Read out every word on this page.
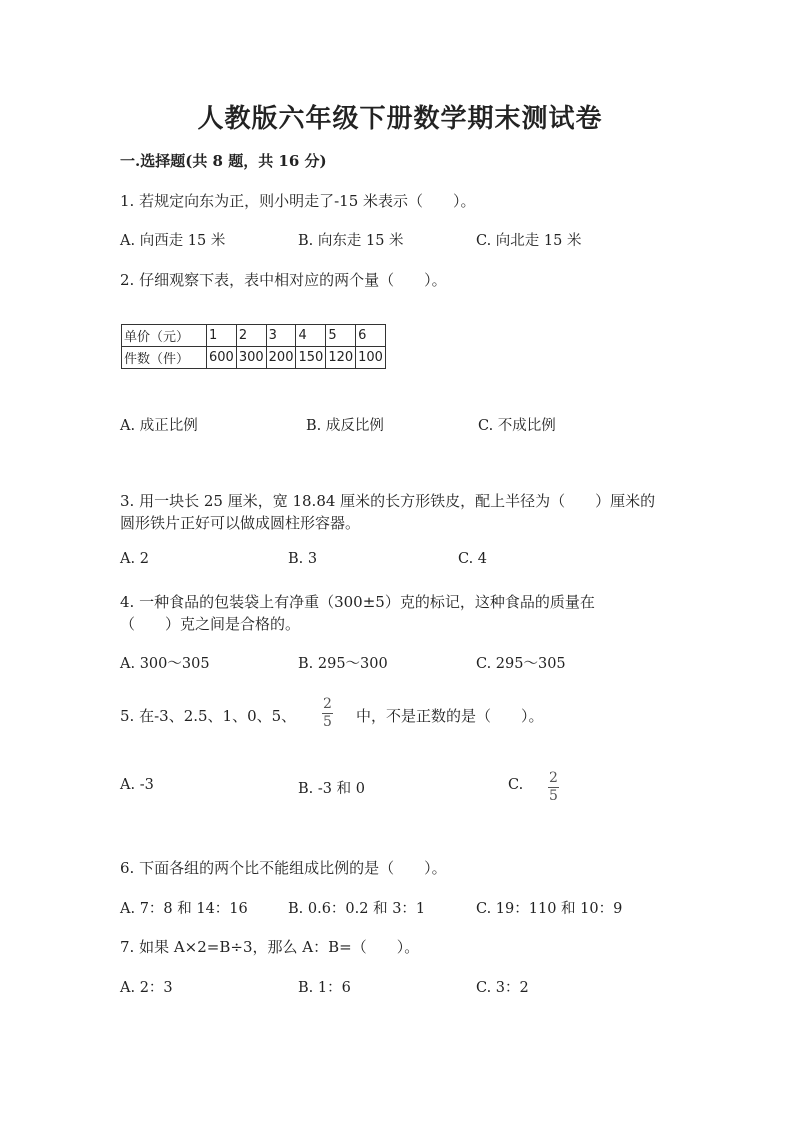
人教版六年级下册数学期末测试卷
一.选择题(共 8 题，共 16 分)
1. 若规定向东为正，则小明走了-15 米表示（　　）。
A. 向西走 15 米	B. 向东走 15 米	C. 向北走 15 米
2. 仔细观察下表，表中相对应的两个量（　　）。
单价（元）	1	2	3	4	5	6
件数（件）	600	300	200	150	120	100
A. 成正比例	B. 成反比例	C. 不成比例
3. 用一块长 25 厘米，宽 18.84 厘米的长方形铁皮，配上半径为（　　）厘米的
圆形铁片正好可以做成圆柱形容器。
A. 2	B. 3	C. 4
4. 一种食品的包装袋上有净重（300±5）克的标记，这种食品的质量在
（　　）克之间是合格的。
A. 300～305	B. 295～300	C. 295～305
5. 在-3、2.5、1、0、5、
2
5 中，不是正数的是（　　）。
A. -3	B. -3 和 0	C. 2
5
6. 下面各组的两个比不能组成比例的是（　　）。
A. 7：8 和 14：16	B. 0.6：0.2 和 3：1	C. 19：110 和 10：9
7. 如果 A×2=B÷3，那么 A：B=（　　）。
A. 2：3	B. 1：6	C. 3：2
